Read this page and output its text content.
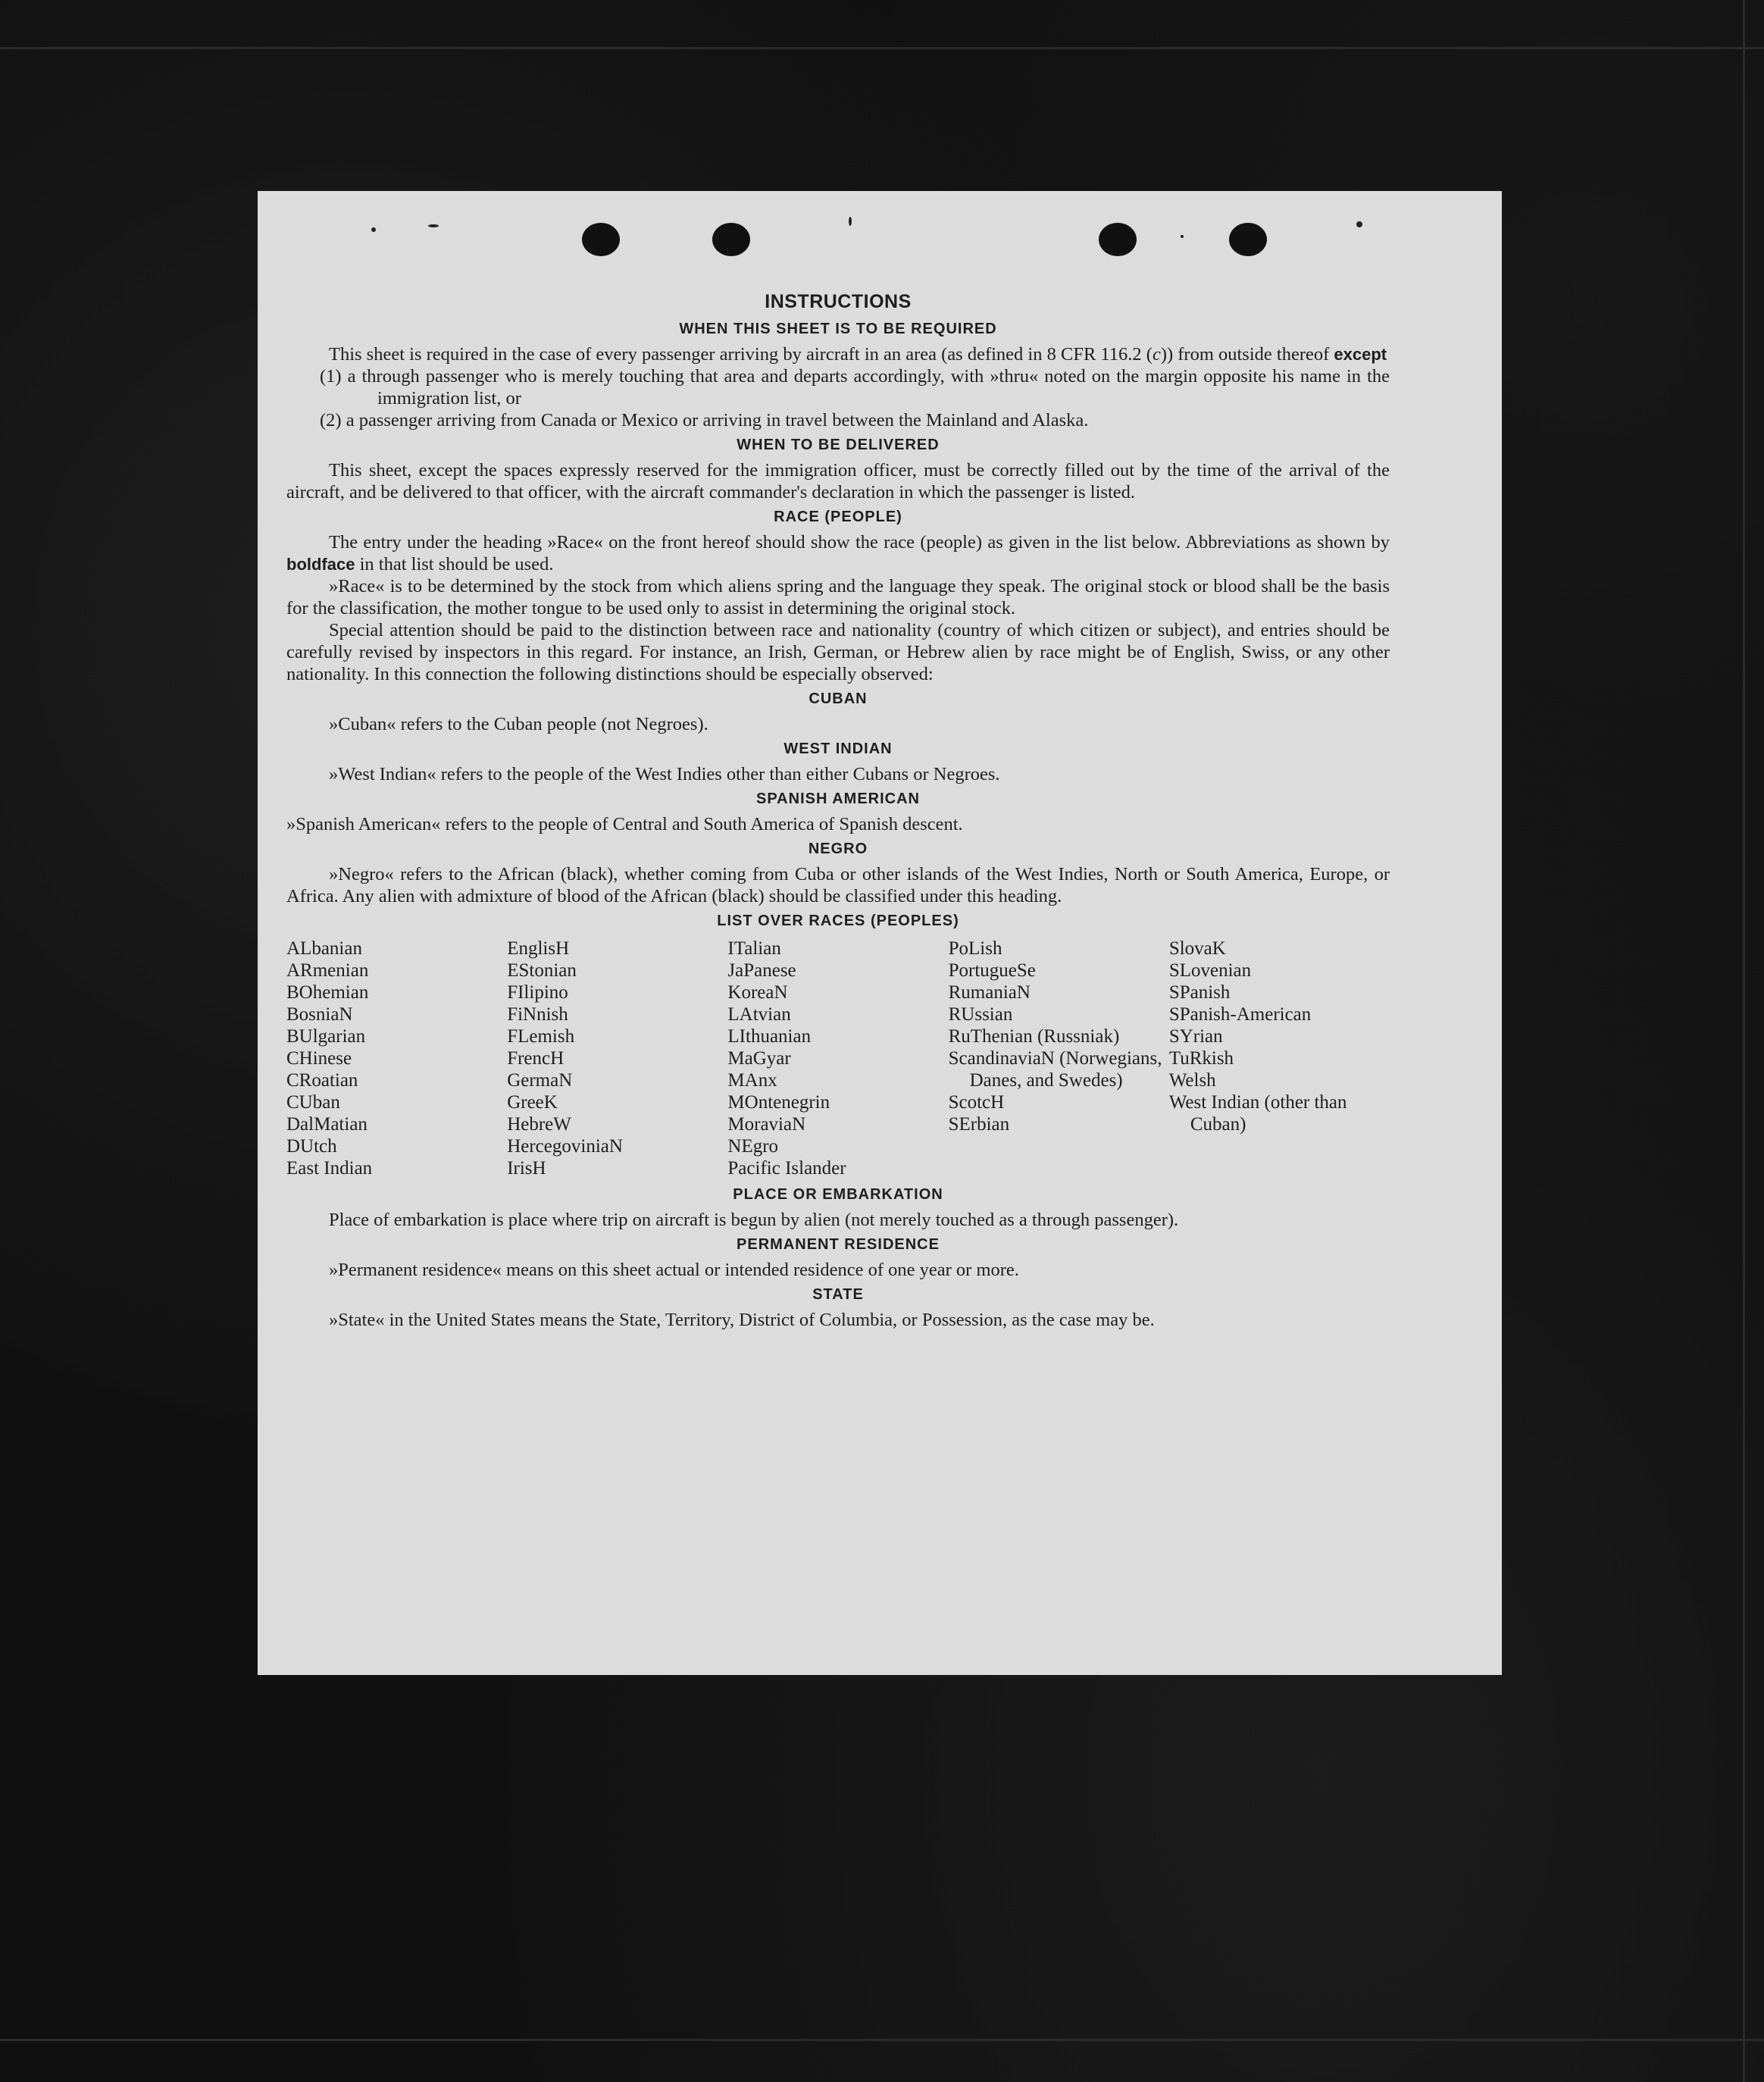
INSTRUCTIONS
WHEN THIS SHEET IS TO BE REQUIRED

This sheet is required in the case of every passenger arriving by aircraft in an area (as defined in 8 CFR 116.2 (c)) from outside thereof except

(1) a through passenger who is merely touching that area and departs accordingly, with »thru« noted on the margin opposite his name in the immigration list, or

(2) a passenger arriving from Canada or Mexico or arriving in travel between the Mainland and Alaska.

WHEN TO BE DELIVERED

This sheet, except the spaces expressly reserved for the immigration officer, must be correctly filled out by the time of the arrival of the aircraft, and be delivered to that officer, with the aircraft commander's declaration in which the passenger is listed.

RACE (PEOPLE)

The entry under the heading »Race« on the front hereof should show the race (people) as given in the list below. Abbreviations as shown by boldface in that list should be used.

»Race« is to be determined by the stock from which aliens spring and the language they speak. The original stock or blood shall be the basis for the classification, the mother tongue to be used only to assist in determining the original stock.

Special attention should be paid to the distinction between race and nationality (country of which citizen or subject), and entries should be carefully revised by inspectors in this regard. For instance, an Irish, German, or Hebrew alien by race might be of English, Swiss, or any other nationality. In this connection the following distinctions should be especially observed:

CUBAN

»Cuban« refers to the Cuban people (not Negroes).

WEST INDIAN

»West Indian« refers to the people of the West Indies other than either Cubans or Negroes.

SPANISH AMERICAN

»Spanish American« refers to the people of Central and South America of Spanish descent.

NEGRO

»Negro« refers to the African (black), whether coming from Cuba or other islands of the West Indies, North or South America, Europe, or Africa. Any alien with admixture of blood of the African (black) should be classified under this heading.

LIST OVER RACES (PEOPLES)
ALbanian
ARmenian
BOhemian
BosniaN
BUlgarian
CHinese
CRoatian
CUban
DalMatian
DUtch
East Indian
EnglisH
EStonian
FIlipino
FiNnish
FLemish
FrencH
GermaN
GreeK
HebreW
HercegoviniaN
IrisH
ITalian
JaPanese
KoreaN
LAtvian
LIthuanian
MaGyar
MAnx
MOntenegrin
MoraviaN
NEgro
Pacific Islander
PoLish
PortugueSe
RumaniaN
RUssian
RuThenian (Russniak)
ScandinaviaN (Norwegians, Danes, and Swedes)
ScotcH
SErbian
SlovaK
SLovenian
SPanish
SPanish-American
SYrian
TuRkish
Welsh
West Indian (other than Cuban)
PLACE OR EMBARKATION

Place of embarkation is place where trip on aircraft is begun by alien (not merely touched as a through passenger).

PERMANENT RESIDENCE

»Permanent residence« means on this sheet actual or intended residence of one year or more.

STATE

»State« in the United States means the State, Territory, District of Columbia, or Possession, as the case may be.
